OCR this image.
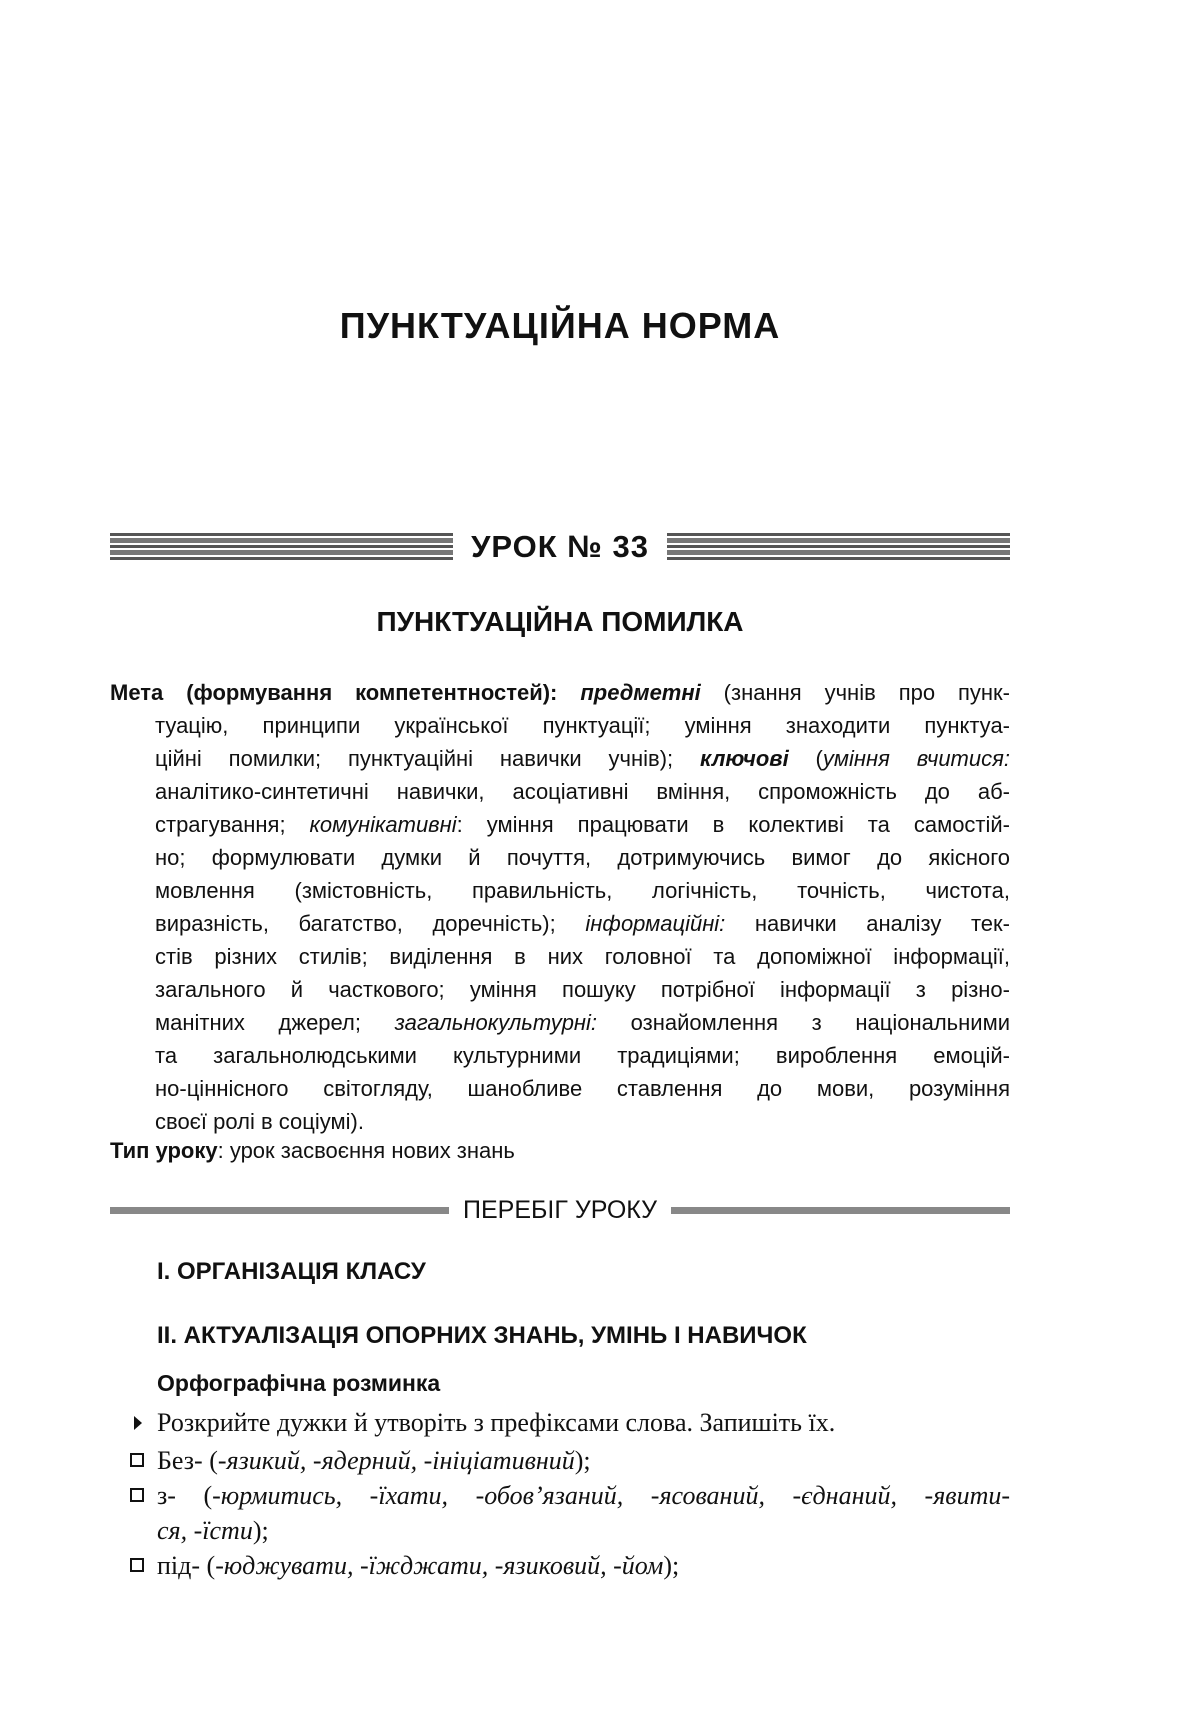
ПУНКТУАЦІЙНА НОРМА
УРОК № 33
ПУНКТУАЦІЙНА ПОМИЛКА
Мета (формування компетентностей): предметні (знання учнів про пунк-
туацію, принципи української пунктуації; уміння знаходити пунктуа-
ційні помилки; пунктуаційні навички учнів); ключові (уміння вчитися:
аналітико-синтетичні навички, асоціативні вміння, спроможність до аб-
страгування; комунікативні: уміння працювати в колективі та самостій-
но; формулювати думки й почуття, дотримуючись вимог до якісного
мовлення (змістовність, правильність, логічність, точність, чистота,
виразність, багатство, доречність); інформаційні: навички аналізу тек-
стів різних стилів; виділення в них головної та допоміжної інформації,
загального й часткового; уміння пошуку потрібної інформації з різно-
манітних джерел; загальнокультурні: ознайомлення з національними
та загальнолюдськими культурними традиціями; вироблення емоцій-
но-ціннісного світогляду, шанобливе ставлення до мови, розуміння
своєї ролі в соціумі).
Тип уроку: урок засвоєння нових знань
ПЕРЕБІГ УРОКУ
І. ОРГАНІЗАЦІЯ КЛАСУ
ІІ. АКТУАЛІЗАЦІЯ ОПОРНИХ ЗНАНЬ, УМІНЬ І НАВИЧОК
Орфографічна розминка
Розкрийте дужки й утворіть з префіксами слова. Запишіть їх.
Без- (-язикий, -ядерний, -ініціативний);
з- (-юрмитись, -їхати, -обов’язаний, -ясований, -єднаний, -явити-
ся, -їсти);
під- (-юджувати, -їжджати, -язиковий, -йом);
